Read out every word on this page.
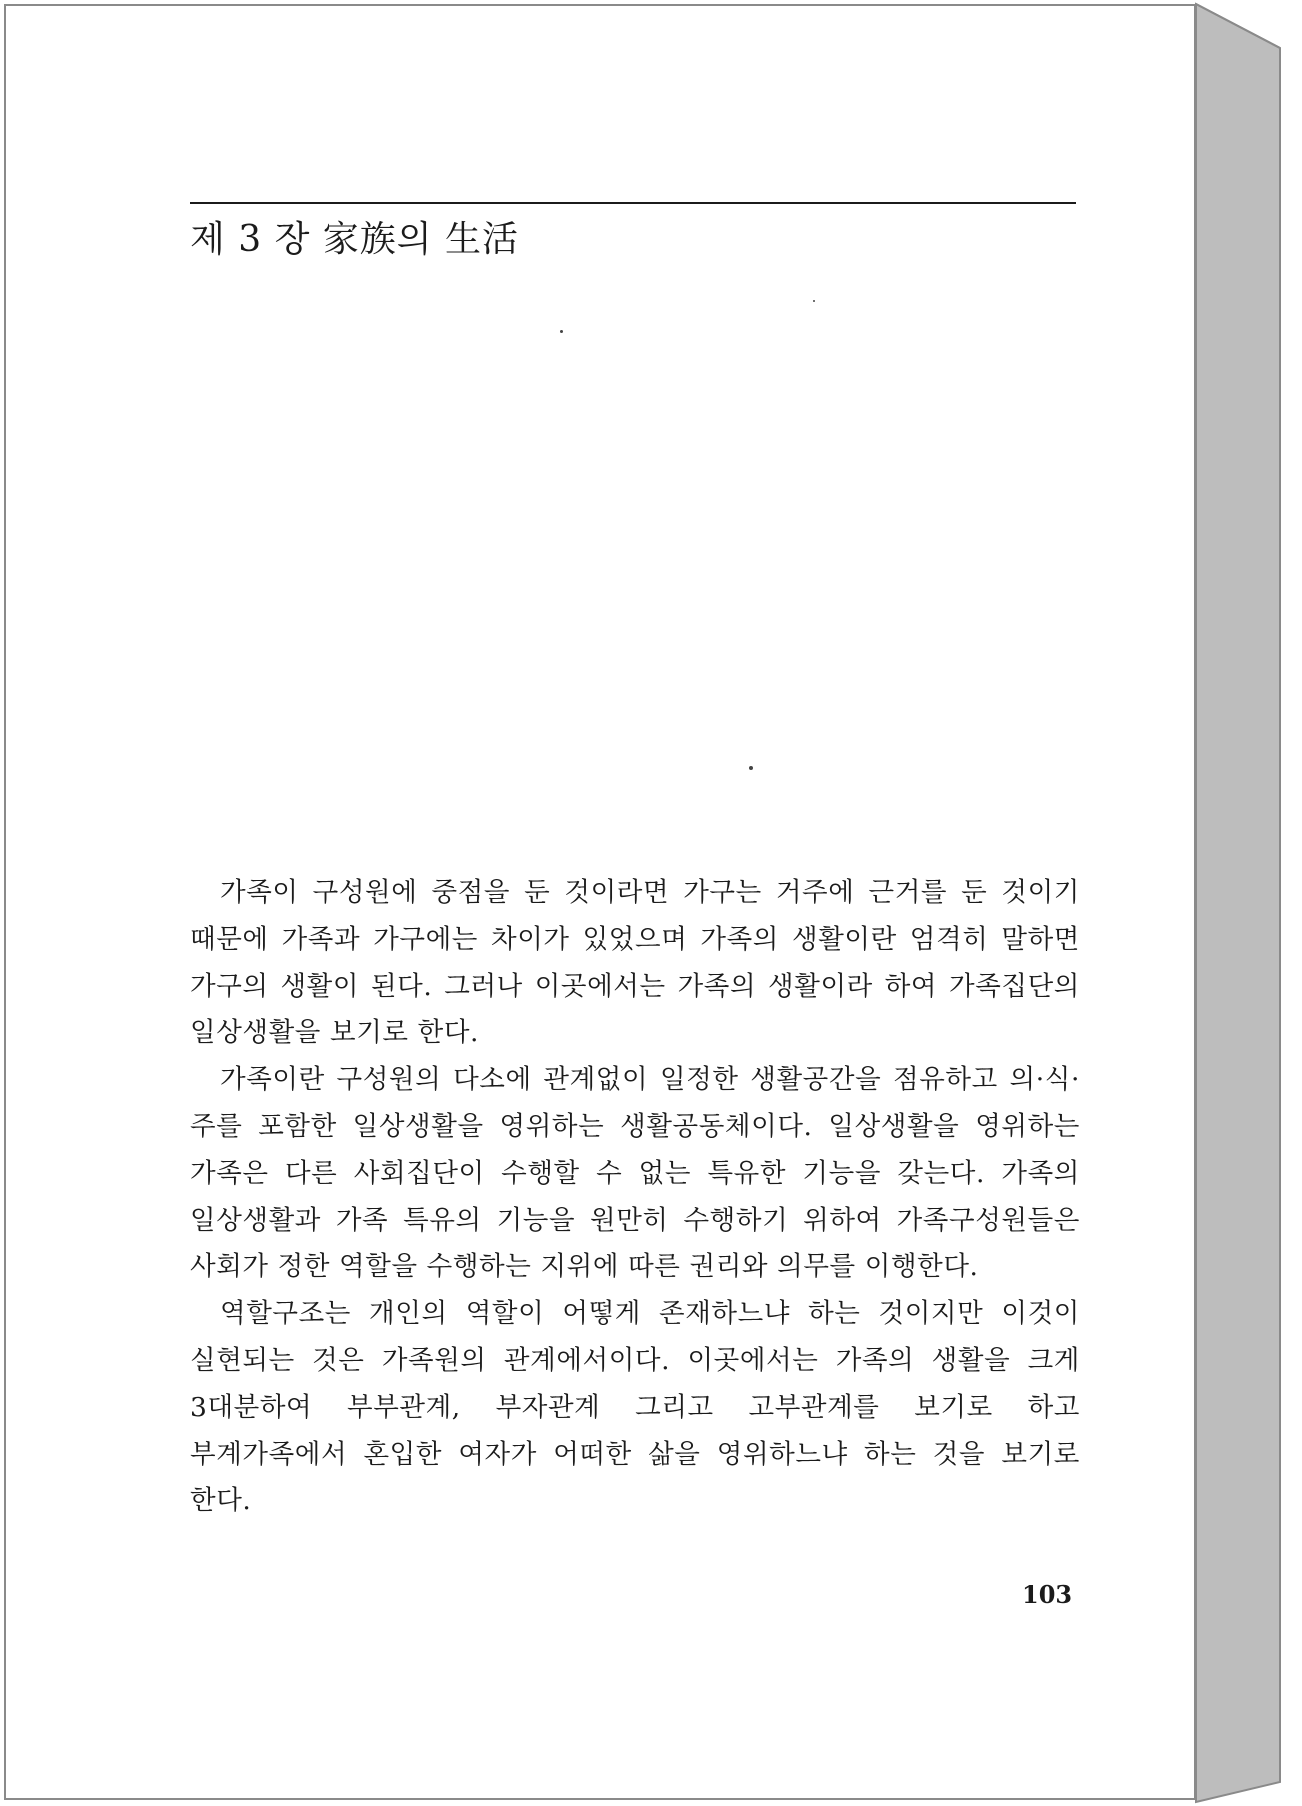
제 3 장 家族의 生活

가족이 구성원에 중점을 둔 것이라면 가구는 거주에 근거를 둔 것이기 때문에 가족과 가구에는 차이가 있었으며 가족의 생활이란 엄격히 말하면 가구의 생활이 된다. 그러나 이곳에서는 가족의 생활이라 하여 가족집단의 일상생활을 보기로 한다.

가족이란 구성원의 다소에 관계없이 일정한 생활공간을 점유하고 의·식·주를 포함한 일상생활을 영위하는 생활공동체이다. 일상생활을 영위하는 가족은 다른 사회집단이 수행할 수 없는 특유한 기능을 갖는다. 가족의 일상생활과 가족 특유의 기능을 원만히 수행하기 위하여 가족구성원들은 사회가 정한 역할을 수행하는 지위에 따른 권리와 의무를 이행한다.

역할구조는 개인의 역할이 어떻게 존재하느냐 하는 것이지만 이것이 실현되는 것은 가족원의 관계에서이다. 이곳에서는 가족의 생활을 크게 3대분하여 부부관계, 부자관계 그리고 고부관계를 보기로 하고 부계가족에서 혼입한 여자가 어떠한 삶을 영위하느냐 하는 것을 보기로 한다.

103
